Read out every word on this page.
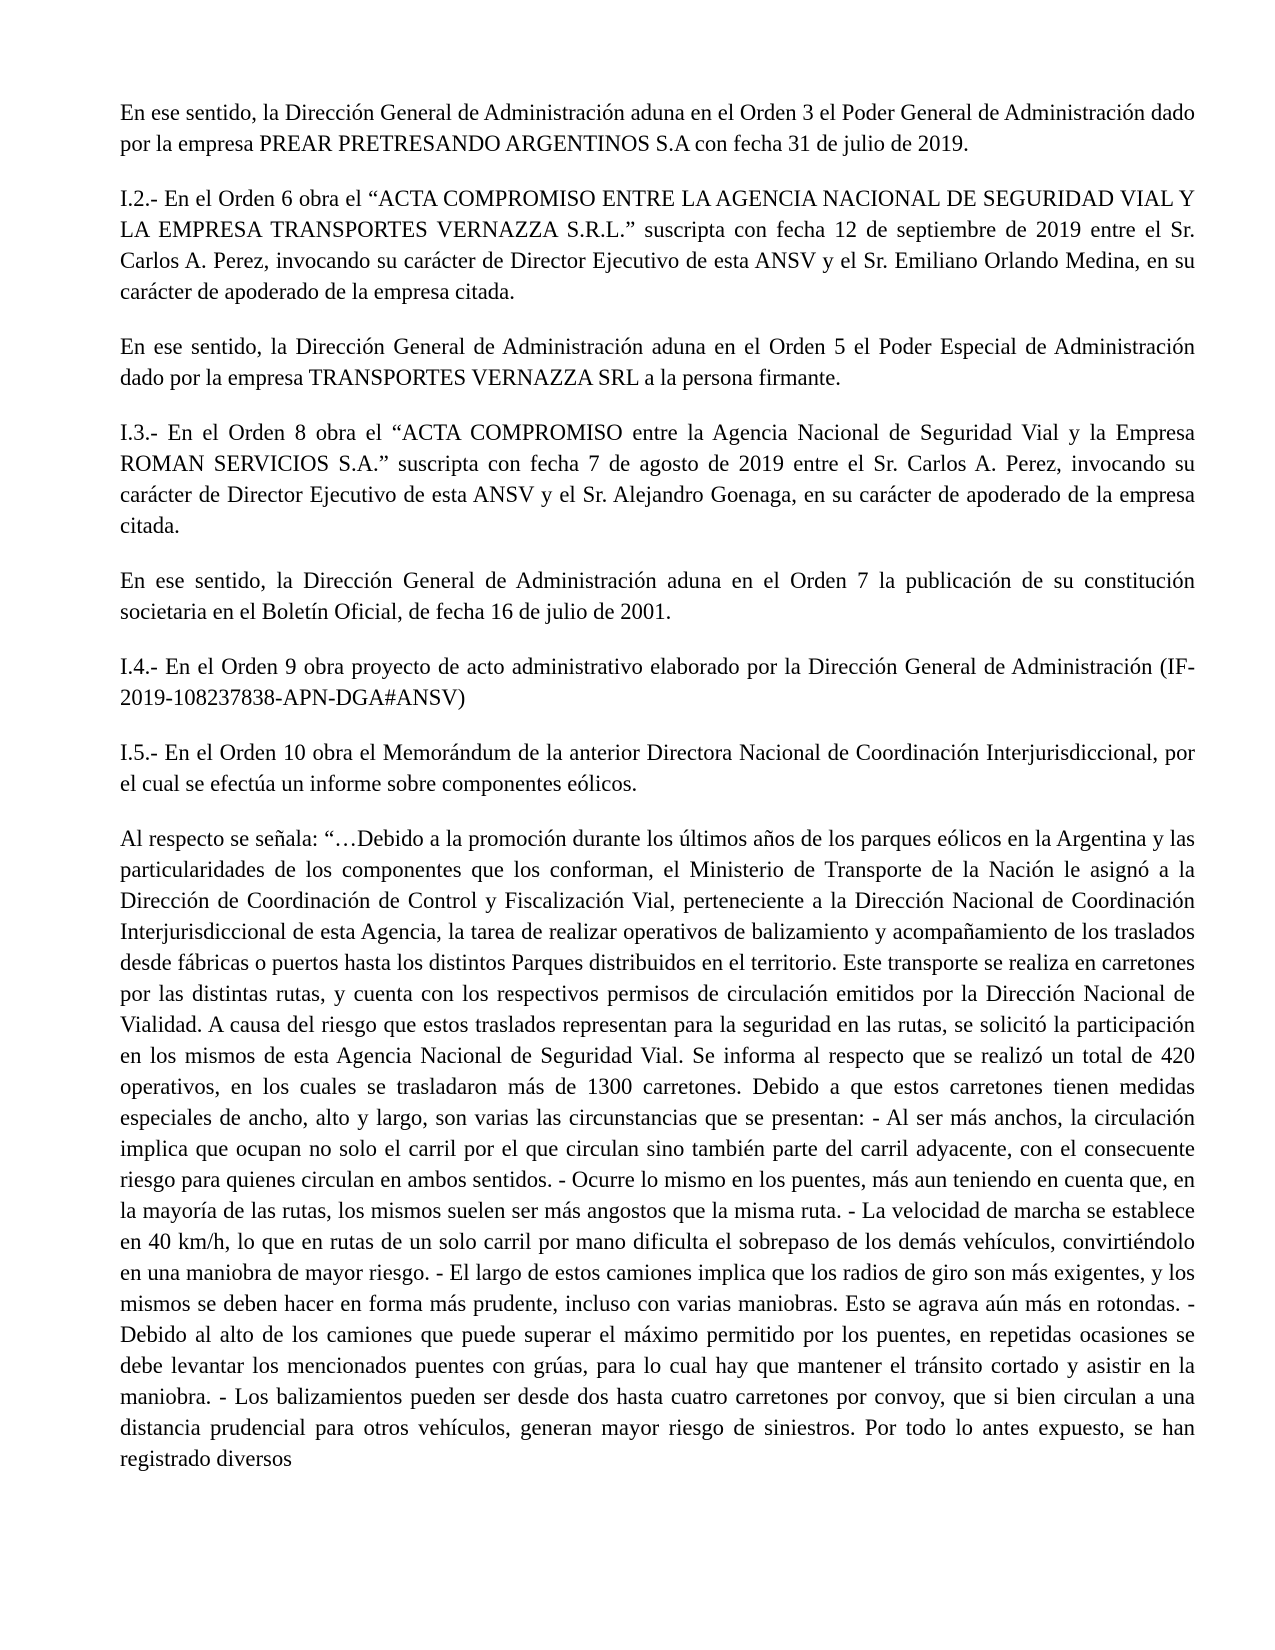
En ese sentido, la Dirección General de Administración aduna en el Orden 3 el Poder General de Administración dado por la empresa PREAR PRETRESANDO ARGENTINOS S.A con fecha 31 de julio de 2019.

I.2.- En el Orden 6 obra el “ACTA COMPROMISO ENTRE LA AGENCIA NACIONAL DE SEGURIDAD VIAL Y LA EMPRESA TRANSPORTES VERNAZZA S.R.L.” suscripta con fecha 12 de septiembre de 2019 entre el Sr. Carlos A. Perez, invocando su carácter de Director Ejecutivo de esta ANSV y el Sr. Emiliano Orlando Medina, en su carácter de apoderado de la empresa citada.

En ese sentido, la Dirección General de Administración aduna en el Orden 5 el Poder Especial de Administración dado por la empresa TRANSPORTES VERNAZZA SRL a la persona firmante.

I.3.- En el Orden 8 obra el “ACTA COMPROMISO entre la Agencia Nacional de Seguridad Vial y la Empresa ROMAN SERVICIOS S.A.” suscripta con fecha 7 de agosto de 2019 entre el Sr. Carlos A. Perez, invocando su carácter de Director Ejecutivo de esta ANSV y el Sr. Alejandro Goenaga, en su carácter de apoderado de la empresa citada.

En ese sentido, la Dirección General de Administración aduna en el Orden 7 la publicación de su constitución societaria en el Boletín Oficial, de fecha 16 de julio de 2001.

I.4.- En el Orden 9 obra proyecto de acto administrativo elaborado por la Dirección General de Administración (IF-2019-108237838-APN-DGA#ANSV)

I.5.- En el Orden 10 obra el Memorándum de la anterior Directora Nacional de Coordinación Interjurisdiccional, por el cual se efectúa un informe sobre componentes eólicos.

Al respecto se señala: “…Debido a la promoción durante los últimos años de los parques eólicos en la Argentina y las particularidades de los componentes que los conforman, el Ministerio de Transporte de la Nación le asignó a la Dirección de Coordinación de Control y Fiscalización Vial, perteneciente a la Dirección Nacional de Coordinación Interjurisdiccional de esta Agencia, la tarea de realizar operativos de balizamiento y acompañamiento de los traslados desde fábricas o puertos hasta los distintos Parques distribuidos en el territorio. Este transporte se realiza en carretones por las distintas rutas, y cuenta con los respectivos permisos de circulación emitidos por la Dirección Nacional de Vialidad. A causa del riesgo que estos traslados representan para la seguridad en las rutas, se solicitó la participación en los mismos de esta Agencia Nacional de Seguridad Vial. Se informa al respecto que se realizó un total de 420 operativos, en los cuales se trasladaron más de 1300 carretones. Debido a que estos carretones tienen medidas especiales de ancho, alto y largo, son varias las circunstancias que se presentan: - Al ser más anchos, la circulación implica que ocupan no solo el carril por el que circulan sino también parte del carril adyacente, con el consecuente riesgo para quienes circulan en ambos sentidos. - Ocurre lo mismo en los puentes, más aun teniendo en cuenta que, en la mayoría de las rutas, los mismos suelen ser más angostos que la misma ruta. - La velocidad de marcha se establece en 40 km/h, lo que en rutas de un solo carril por mano dificulta el sobrepaso de los demás vehículos, convirtiéndolo en una maniobra de mayor riesgo. - El largo de estos camiones implica que los radios de giro son más exigentes, y los mismos se deben hacer en forma más prudente, incluso con varias maniobras. Esto se agrava aún más en rotondas. - Debido al alto de los camiones que puede superar el máximo permitido por los puentes, en repetidas ocasiones se debe levantar los mencionados puentes con grúas, para lo cual hay que mantener el tránsito cortado y asistir en la maniobra. - Los balizamientos pueden ser desde dos hasta cuatro carretones por convoy, que si bien circulan a una distancia prudencial para otros vehículos, generan mayor riesgo de siniestros. Por todo lo antes expuesto, se han registrado diversos
